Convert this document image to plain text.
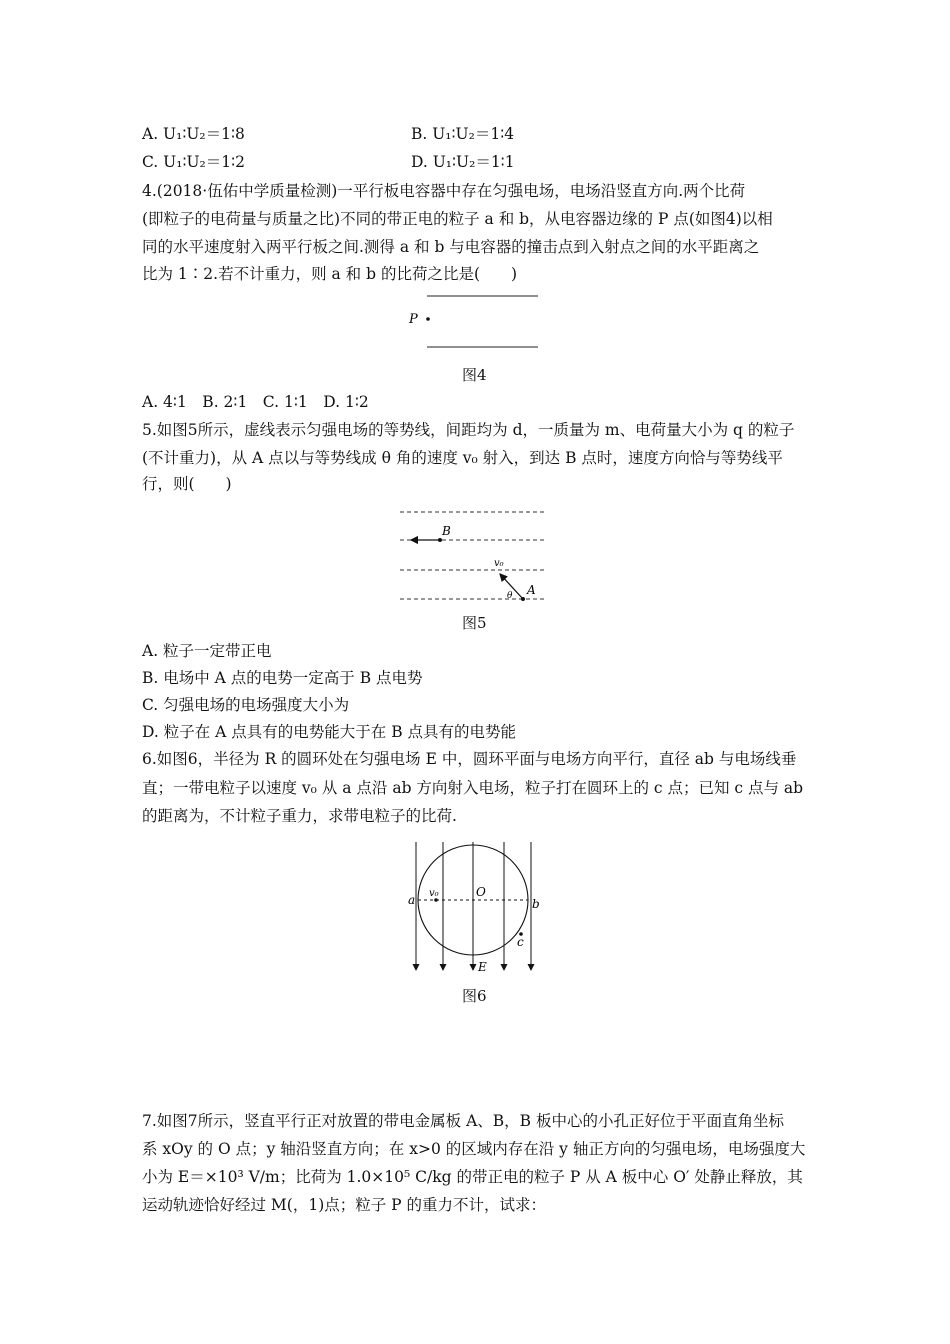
A. U₁∶U₂＝1∶8	B. U₁∶U₂＝1∶4
C. U₁∶U₂＝1∶2	D. U₁∶U₂＝1∶1
4.(2018·伍佑中学质量检测)一平行板电容器中存在匀强电场，电场沿竖直方向.两个比荷
(即粒子的电荷量与质量之比)不同的带正电的粒子 a 和 b，从电容器边缘的 P 点(如图4)以相
同的水平速度射入两平行板之间.测得 a 和 b 与电容器的撞击点到入射点之间的水平距离之
比为 1∶2.若不计重力，则 a 和 b 的比荷之比是(　　)
P
图4
A. 4∶1　B. 2∶1　C. 1∶1　D. 1∶2
5.如图5所示，虚线表示匀强电场的等势线，间距均为 d，一质量为 m、电荷量大小为 q 的粒子
(不计重力)，从 A 点以与等势线成 θ 角的速度 v₀ 射入，到达 B 点时，速度方向恰与等势线平
行，则(　　)
B
v₀
A
θ
图5
A. 粒子一定带正电
B. 电场中 A 点的电势一定高于 B 点电势
C. 匀强电场的电场强度大小为
D. 粒子在 A 点具有的电势能大于在 B 点具有的电势能
6.如图6，半径为 R 的圆环处在匀强电场 E 中，圆环平面与电场方向平行，直径 ab 与电场线垂
直；一带电粒子以速度 v₀ 从 a 点沿 ab 方向射入电场，粒子打在圆环上的 c 点；已知 c 点与 ab
的距离为，不计粒子重力，求带电粒子的比荷.
v₀
a	b
O
c
E
图6
7.如图7所示，竖直平行正对放置的带电金属板 A、B，B 板中心的小孔正好位于平面直角坐标
系 xOy 的 O 点；y 轴沿竖直方向；在 x>0 的区域内存在沿 y 轴正方向的匀强电场，电场强度大
小为 E＝×10³ V/m；比荷为 1.0×10⁵ C/kg 的带正电的粒子 P 从 A 板中心 O′ 处静止释放，其
运动轨迹恰好经过 M(，1)点；粒子 P 的重力不计，试求：
